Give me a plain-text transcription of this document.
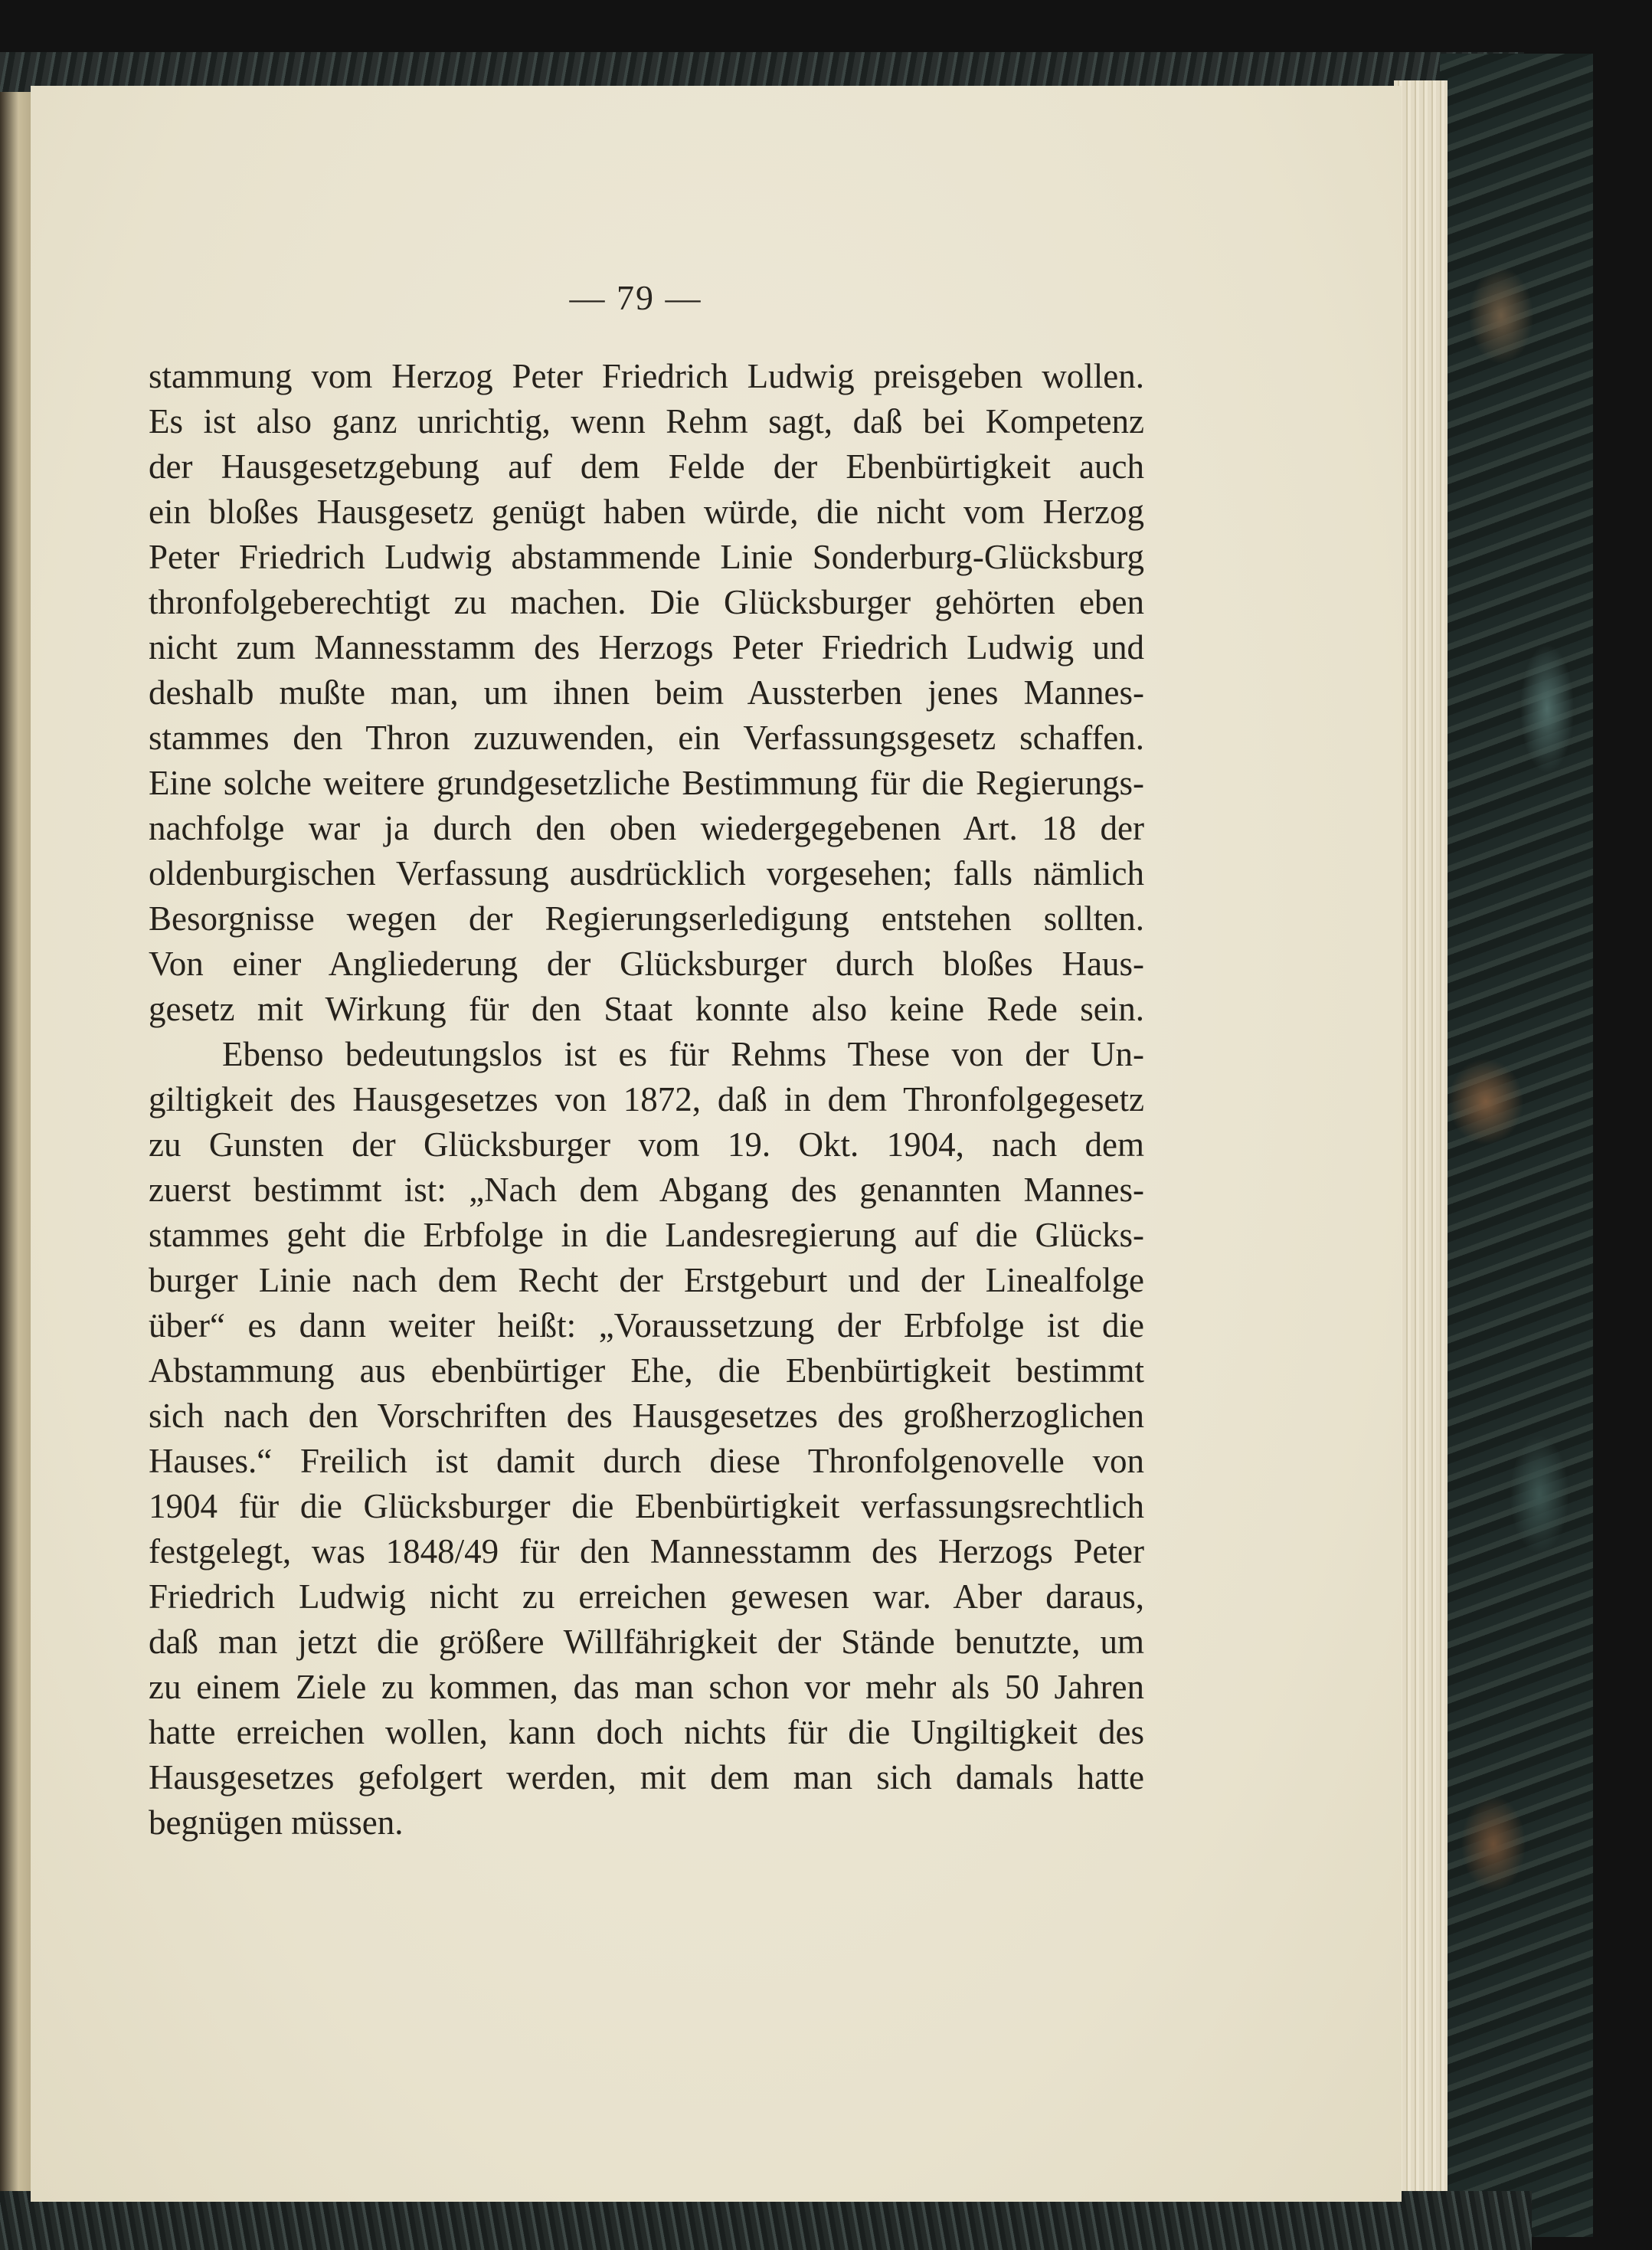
— 79 —
stammung vom Herzog Peter Friedrich Ludwig preisgeben wollen.
Es ist also ganz unrichtig, wenn Rehm sagt, daß bei Kompetenz
der Hausgesetzgebung auf dem Felde der Ebenbürtigkeit auch
ein bloßes Hausgesetz genügt haben würde, die nicht vom Herzog
Peter Friedrich Ludwig abstammende Linie Sonderburg-Glücksburg
thronfolgeberechtigt zu machen. Die Glücksburger gehörten eben
nicht zum Mannesstamm des Herzogs Peter Friedrich Ludwig und
deshalb mußte man, um ihnen beim Aussterben jenes Mannes-
stammes den Thron zuzuwenden, ein Verfassungsgesetz schaffen.
Eine solche weitere grundgesetzliche Bestimmung für die Regierungs-
nachfolge war ja durch den oben wiedergegebenen Art. 18 der
oldenburgischen Verfassung ausdrücklich vorgesehen; falls nämlich
Besorgnisse wegen der Regierungserledigung entstehen sollten.
Von einer Angliederung der Glücksburger durch bloßes Haus-
gesetz mit Wirkung für den Staat konnte also keine Rede sein.
Ebenso bedeutungslos ist es für Rehms These von der Un-
giltigkeit des Hausgesetzes von 1872, daß in dem Thronfolgegesetz
zu Gunsten der Glücksburger vom 19. Okt. 1904, nach dem
zuerst bestimmt ist: „Nach dem Abgang des genannten Mannes-
stammes geht die Erbfolge in die Landesregierung auf die Glücks-
burger Linie nach dem Recht der Erstgeburt und der Linealfolge
über“ es dann weiter heißt: „Voraussetzung der Erbfolge ist die
Abstammung aus ebenbürtiger Ehe, die Ebenbürtigkeit bestimmt
sich nach den Vorschriften des Hausgesetzes des großherzoglichen
Hauses.“ Freilich ist damit durch diese Thronfolgenovelle von
1904 für die Glücksburger die Ebenbürtigkeit verfassungsrechtlich
festgelegt, was 1848/49 für den Mannesstamm des Herzogs Peter
Friedrich Ludwig nicht zu erreichen gewesen war. Aber daraus,
daß man jetzt die größere Willfährigkeit der Stände benutzte, um
zu einem Ziele zu kommen, das man schon vor mehr als 50 Jahren
hatte erreichen wollen, kann doch nichts für die Ungiltigkeit des
Hausgesetzes gefolgert werden, mit dem man sich damals hatte
begnügen müssen.
